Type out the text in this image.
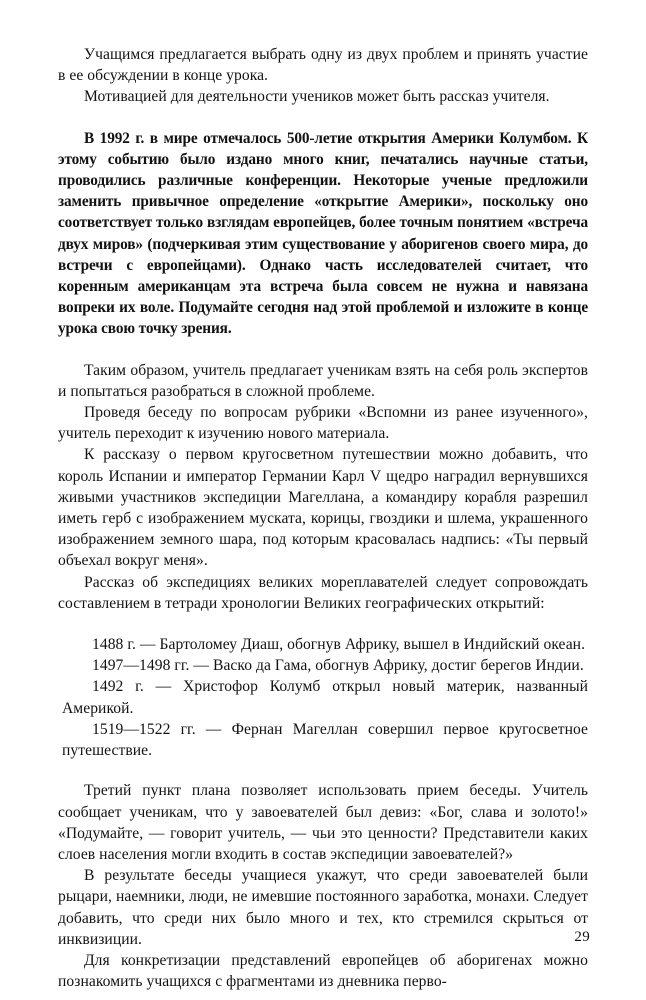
Учащимся предлагается выбрать одну из двух проблем и принять участие в ее обсуждении в конце урока.

Мотивацией для деятельности учеников может быть рассказ учителя.

В 1992 г. в мире отмечалось 500-летие открытия Америки Колумбом. К этому событию было издано много книг, печатались научные статьи, проводились различные конференции. Некоторые ученые предложили заменить привычное определение «открытие Америки», поскольку оно соответствует только взглядам европейцев, более точным понятием «встреча двух миров» (подчеркивая этим существование у аборигенов своего мира, до встречи с европейцами). Однако часть исследователей считает, что коренным американцам эта встреча была совсем не нужна и навязана вопреки их воле. Подумайте сегодня над этой проблемой и изложите в конце урока свою точку зрения.

Таким образом, учитель предлагает ученикам взять на себя роль экспертов и попытаться разобраться в сложной проблеме.

Проведя беседу по вопросам рубрики «Вспомни из ранее изученного», учитель переходит к изучению нового материала.

К рассказу о первом кругосветном путешествии можно добавить, что король Испании и император Германии Карл V щедро наградил вернувшихся живыми участников экспедиции Магеллана, а командиру корабля разрешил иметь герб с изображением муската, корицы, гвоздики и шлема, украшенного изображением земного шара, под которым красовалась надпись: «Ты первый объехал вокруг меня».

Рассказ об экспедициях великих мореплавателей следует сопровождать составлением в тетради хронологии Великих географических открытий:

1488 г. — Бартоломеу Диаш, обогнув Африку, вышел в Индийский океан.
1497—1498 гг. — Васко да Гама, обогнув Африку, достиг берегов Индии.
1492 г. — Христофор Колумб открыл новый материк, названный Америкой.
1519—1522 гг. — Фернан Магеллан совершил первое кругосветное путешествие.

Третий пункт плана позволяет использовать прием беседы. Учитель сообщает ученикам, что у завоевателей был девиз: «Бог, слава и золото!» «Подумайте, — говорит учитель, — чьи это ценности? Представители каких слоев населения могли входить в состав экспедиции завоевателей?»

В результате беседы учащиеся укажут, что среди завоевателей были рыцари, наемники, люди, не имевшие постоянного заработка, монахи. Следует добавить, что среди них было много и тех, кто стремился скрыться от инквизиции.

Для конкретизации представлений европейцев об аборигенах можно познакомить учащихся с фрагментами из дневника перво-

29
